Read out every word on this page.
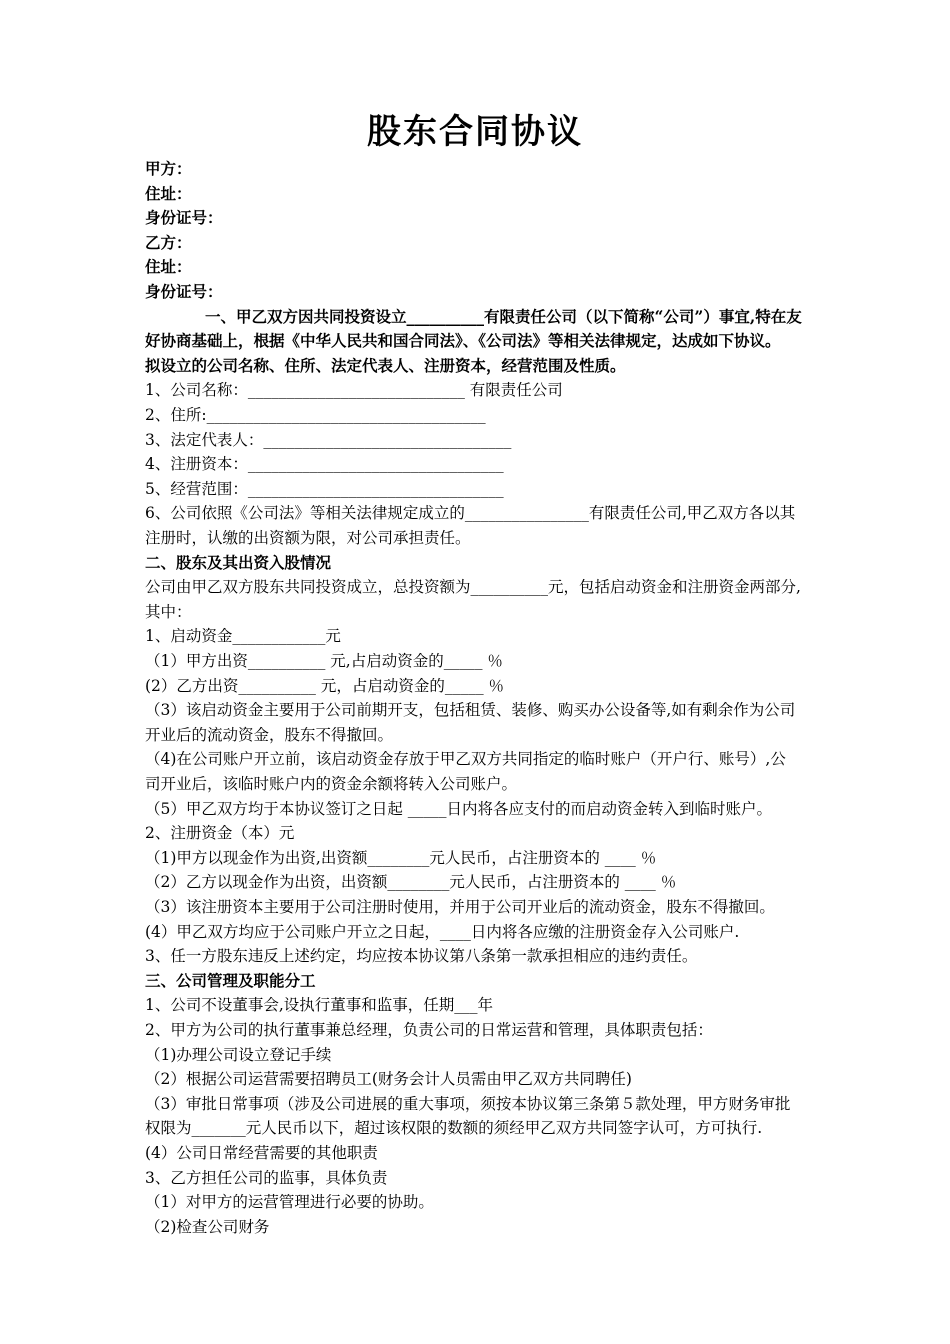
股东合同协议
甲方：
住址：
身份证号：
乙方：
住址：
身份证号：
一、甲乙双方因共同投资设立__________有限责任公司（以下简称“公司”）事宜,特在友
好协商基础上，根据《中华人民共和国合同法》、《公司法》等相关法律规定，达成如下协议。
拟设立的公司名称、住所、法定代表人、注册资本，经营范围及性质。
1、公司名称：____________________________ 有限责任公司
2、住所:____________________________________
3、法定代表人：________________________________
4、注册资本：_________________________________
5、经营范围：_________________________________
6、公司依照《公司法》等相关法律规定成立的________________有限责任公司,甲乙双方各以其
注册时，认缴的出资额为限，对公司承担责任。
二、股东及其出资入股情况
公司由甲乙双方股东共同投资成立，总投资额为__________元，包括启动资金和注册资金两部分,
其中：
1、启动资金____________元
（1）甲方出资__________ 元,占启动资金的_____ ％
(2）乙方出资__________ 元，占启动资金的_____ ％
（3）该启动资金主要用于公司前期开支，包括租赁、装修、购买办公设备等,如有剩余作为公司
开业后的流动资金，股东不得撤回。
（4)在公司账户开立前，该启动资金存放于甲乙双方共同指定的临时账户（开户行、账号）,公
司开业后，该临时账户内的资金余额将转入公司账户。
（5）甲乙双方均于本协议签订之日起 _____日内将各应支付的而启动资金转入到临时账户。
2、注册资金（本）元
（1)甲方以现金作为出资,出资额________元人民币，占注册资本的 ____ ％
（2）乙方以现金作为出资，出资额________元人民币，占注册资本的 ____ ％
（3）该注册资本主要用于公司注册时使用，并用于公司开业后的流动资金，股东不得撤回。
(4）甲乙双方均应于公司账户开立之日起，____日内将各应缴的注册资金存入公司账户.
3、任一方股东违反上述约定，均应按本协议第八条第一款承担相应的违约责任。
三、公司管理及职能分工
1、公司不设董事会,设执行董事和监事，任期___年
2、甲方为公司的执行董事兼总经理，负责公司的日常运营和管理，具体职责包括：
（1)办理公司设立登记手续
（2）根据公司运营需要招聘员工(财务会计人员需由甲乙双方共同聘任)
（3）审批日常事项（涉及公司进展的重大事项，须按本协议第三条第５款处理，甲方财务审批
权限为_______元人民币以下，超过该权限的数额的须经甲乙双方共同签字认可，方可执行.
(4）公司日常经营需要的其他职责
3、乙方担任公司的监事，具体负责
（1）对甲方的运营管理进行必要的协助。
（2)检查公司财务
